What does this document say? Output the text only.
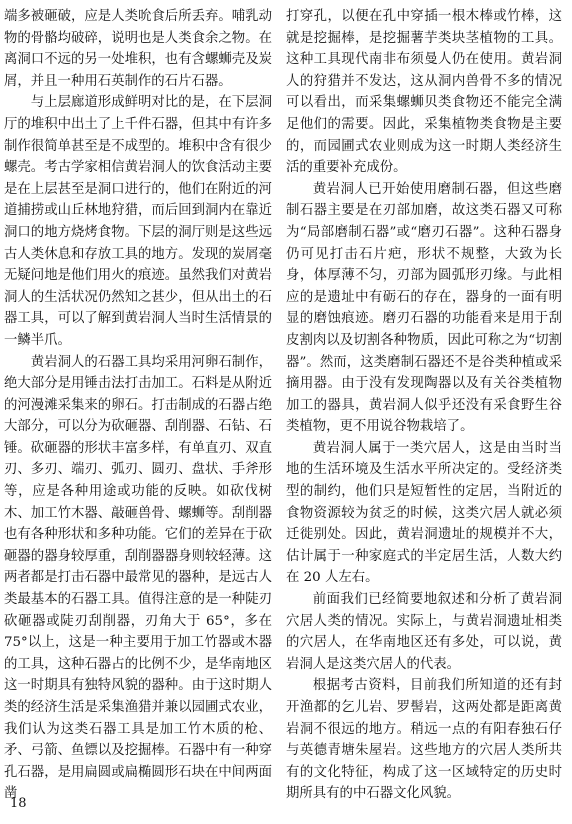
端多被砸破，应是人类吮食后所丢弃。哺乳动物的骨骼均破碎，说明也是人类食余之物。在离洞口不远的另一处堆积，也有含螺蛳壳及炭屑，并且一种用石英制作的石片石器。

与上层廊道形成鲜明对比的是，在下层洞厅的堆积中出土了上千件石器，但其中有许多制作很简单甚至是不成型的。堆积中含有很少螺壳。考古学家相信黄岩洞人的饮食活动主要是在上层甚至是洞口进行的，他们在附近的河道捕捞或山丘林地狩猎，而后回到洞内在靠近洞口的地方烧烤食物。下层的洞厅则是这些远古人类休息和存放工具的地方。发现的炭屑毫无疑问地是他们用火的痕迹。虽然我们对黄岩洞人的生活状况仍然知之甚少，但从出土的石器工具，可以了解到黄岩洞人当时生活情景的一鳞半爪。

黄岩洞人的石器工具均采用河卵石制作，绝大部分是用锤击法打击加工。石料是从附近的河漫滩采集来的卵石。打击制成的石器占绝大部分，可以分为砍砸器、刮削器、石钻、石锤。砍砸器的形状丰富多样，有单直刃、双直刃、多刃、端刃、弧刃、圆刃、盘状、手斧形等，应是各种用途或功能的反映。如砍伐树木、加工竹木器、敲砸兽骨、螺蛳等。刮削器也有各种形状和多种功能。它们的差异在于砍砸器的器身较厚重，刮削器器身则较轻薄。这两者都是打击石器中最常见的器种，是远古人类最基本的石器工具。值得注意的是一种陡刃砍砸器或陡刃刮削器，刃角大于 65°，多在 75°以上，这是一种主要用于加工竹器或木器的工具，这种石器占的比例不少，是华南地区这一时期具有独特风貌的器种。由于这时期人类的经济生活是采集渔猎并兼以园圃式农业，我们认为这类石器工具是加工竹木质的枪、矛、弓箭、鱼镖以及挖掘棒。石器中有一种穿孔石器，是用扁圆或扁椭圆形石块在中间两面凿

打穿孔，以便在孔中穿插一根木棒或竹棒，这就是挖掘棒，是挖掘薯芋类块茎植物的工具。这种工具现代南非布须曼人仍在使用。黄岩洞人的狩猎并不发达，这从洞内兽骨不多的情况可以看出，而采集螺蛳贝类食物还不能完全满足他们的需要。因此，采集植物类食物是主要的，而园圃式农业则成为这一时期人类经济生活的重要补充成份。

黄岩洞人已开始使用磨制石器，但这些磨制石器主要是在刃部加磨，故这类石器又可称为“局部磨制石器”或“磨刃石器”。这种石器身仍可见打击石片疤，形状不规整，大致为长身，体厚薄不匀，刃部为圆弧形刃缘。与此相应的是遗址中有砺石的存在，器身的一面有明显的磨蚀痕迹。磨刃石器的功能看来是用于刮皮割肉以及切割各种物质，因此可称之为“切割器”。然而，这类磨制石器还不是谷类种植或采摘用器。由于没有发现陶器以及有关谷类植物加工的器具，黄岩洞人似乎还没有采食野生谷类植物，更不用说谷物栽培了。

黄岩洞人属于一类穴居人，这是由当时当地的生活环境及生活水平所决定的。受经济类型的制约，他们只是短暂性的定居，当附近的食物资源较为贫乏的时候，这类穴居人就必须迁徙别处。因此，黄岩洞遗址的规模并不大，估计属于一种家庭式的半定居生活，人数大约在 20 人左右。

前面我们已经简要地叙述和分析了黄岩洞穴居人类的情况。实际上，与黄岩洞遗址相类的穴居人，在华南地区还有多处，可以说，黄岩洞人是这类穴居人的代表。

根据考古资料，目前我们所知道的还有封开渔都的乞儿岩、罗髻岩，这两处都是距离黄岩洞不很远的地方。稍远一点的有阳春独石仔与英德青塘朱屋岩。这些地方的穴居人类所共有的文化特征，构成了这一区域特定的历史时期所具有的中石器文化风貌。

18
